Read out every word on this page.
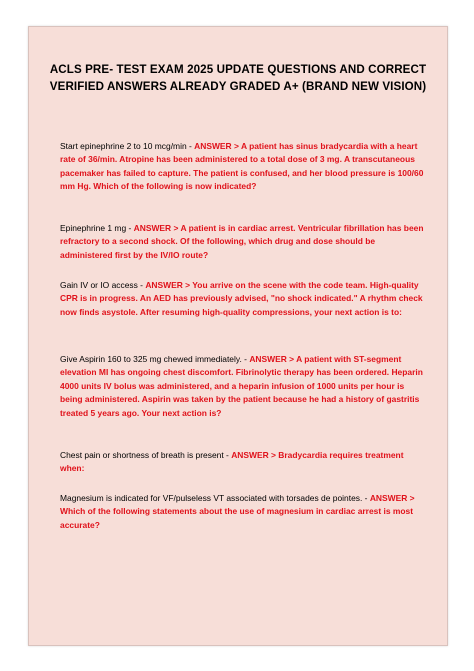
ACLS PRE- TEST EXAM 2025 UPDATE QUESTIONS AND CORRECT VERIFIED ANSWERS ALREADY GRADED A+ (BRAND NEW VISION)

Start epinephrine 2 to 10 mcg/min - ANSWER > A patient has sinus bradycardia with a heart rate of 36/min. Atropine has been administered to a total dose of 3 mg. A transcutaneous pacemaker has failed to capture. The patient is confused, and her blood pressure is 100/60 mm Hg. Which of the following is now indicated?

Epinephrine 1 mg - ANSWER > A patient is in cardiac arrest. Ventricular fibrillation has been refractory to a second shock. Of the following, which drug and dose should be administered first by the IV/IO route?

Gain IV or IO access - ANSWER > You arrive on the scene with the code team. High-quality CPR is in progress. An AED has previously advised, "no shock indicated." A rhythm check now finds asystole. After resuming high-quality compressions, your next action is to:

Give Aspirin 160 to 325 mg chewed immediately. - ANSWER > A patient with ST-segment elevation MI has ongoing chest discomfort. Fibrinolytic therapy has been ordered. Heparin 4000 units IV bolus was administered, and a heparin infusion of 1000 units per hour is being administered. Aspirin was taken by the patient because he had a history of gastritis treated 5 years ago. Your next action is?

Chest pain or shortness of breath is present - ANSWER > Bradycardia requires treatment when:

Magnesium is indicated for VF/pulseless VT associated with torsades de pointes. - ANSWER > Which of the following statements about the use of magnesium in cardiac arrest is most accurate?
